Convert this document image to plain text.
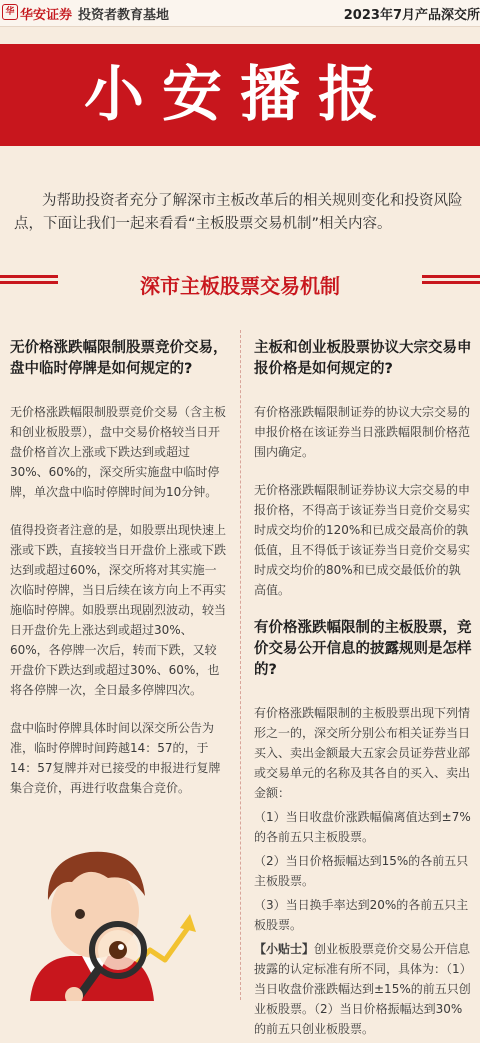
华 华安证券 投资者教育基地	2023年7月产品深交所
小安播报
为帮助投资者充分了解深市主板改革后的相关规则变化和投资风险点，下面让我们一起来看看“主板股票交易机制”相关内容。
深市主板股票交易机制
无价格涨跌幅限制股票竞价交易，盘中临时停牌是如何规定的?

无价格涨跌幅限制股票竞价交易（含主板和创业板股票），盘中交易价格较当日开盘价格首次上涨或下跌达到或超过30%、60%的，深交所实施盘中临时停牌，单次盘中临时停牌时间为10分钟。

值得投资者注意的是，如股票出现快速上涨或下跌，直接较当日开盘价上涨或下跌达到或超过60%，深交所将对其实施一次临时停牌，当日后续在该方向上不再实施临时停牌。如股票出现剧烈波动，较当日开盘价先上涨达到或超过30%、60%，各停牌一次后，转而下跌，又较开盘价下跌达到或超过30%、60%，也将各停牌一次，全日最多停牌四次。

盘中临时停牌具体时间以深交所公告为准，临时停牌时间跨越14：57的，于14：57复牌并对已接受的申报进行复牌集合竞价，再进行收盘集合竞价。

主板和创业板股票协议大宗交易申报价格是如何规定的?

有价格涨跌幅限制证券的协议大宗交易的申报价格在该证券当日涨跌幅限制价格范围内确定。

无价格涨跌幅限制证券协议大宗交易的申报价格，不得高于该证券当日竞价交易实时成交均价的120%和已成交最高价的孰低值，且不得低于该证券当日竞价交易实时成交均价的80%和已成交最低价的孰高值。

有价格涨跌幅限制的主板股票，竞价交易公开信息的披露规则是怎样的?

有价格涨跌幅限制的主板股票出现下列情形之一的，深交所分别公布相关证券当日买入、卖出金额最大五家会员证券营业部或交易单元的名称及其各自的买入、卖出金额：

（1）当日收盘价涨跌幅偏离值达到±7%的各前五只主板股票。

（2）当日价格振幅达到15%的各前五只主板股票。

（3）当日换手率达到20%的各前五只主板股票。

【小贴士】创业板股票竞价交易公开信息披露的认定标准有所不同，具体为：（1）当日收盘价涨跌幅达到±15%的前五只创业板股票。（2）当日价格振幅达到30%的前五只创业板股票。
